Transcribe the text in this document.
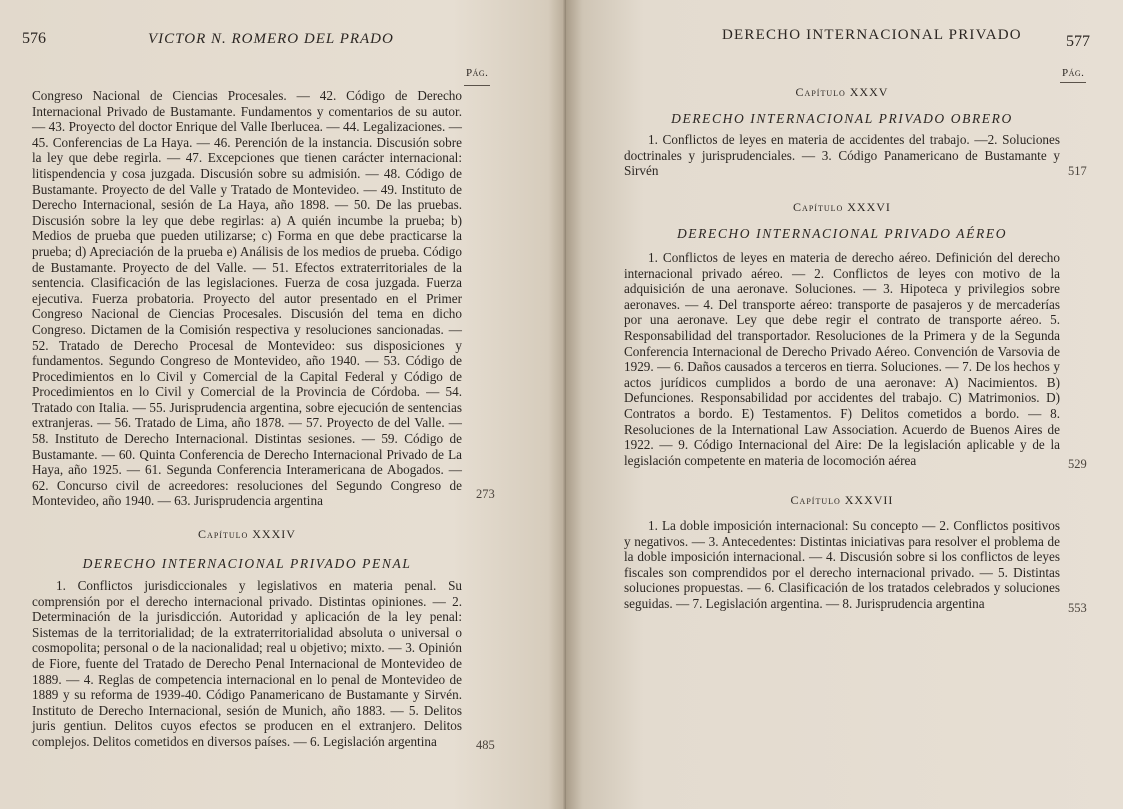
576	VICTOR N. ROMERO DEL PRADO
Pág.

Congreso Nacional de Ciencias Procesales. — 42. Código de Derecho Internacional Privado de Bustamante. Fundamentos y comentarios de su autor. — 43. Proyecto del doctor Enrique del Valle Iberlucea. — 44. Legalizaciones. — 45. Conferencias de La Haya. — 46. Perención de la instancia. Discusión sobre la ley que debe regirla. — 47. Excepciones que tienen carácter internacional: litispendencia y cosa juzgada. Discusión sobre su admisión. — 48. Código de Bustamante. Proyecto de del Valle y Tratado de Montevideo. — 49. Instituto de Derecho Internacional, sesión de La Haya, año 1898. — 50. De las pruebas. Discusión sobre la ley que debe regirlas: a) A quién incumbe la prueba; b) Medios de prueba que pueden utilizarse; c) Forma en que debe practicarse la prueba; d) Apreciación de la prueba e) Análisis de los medios de prueba. Código de Bustamante. Proyecto de del Valle. — 51. Efectos extraterritoriales de la sentencia. Clasificación de las legislaciones. Fuerza de cosa juzgada. Fuerza ejecutiva. Fuerza probatoria. Proyecto del autor presentado en el Primer Congreso Nacional de Ciencias Procesales. Discusión del tema en dicho Congreso. Dictamen de la Comisión respectiva y resoluciones sancionadas. — 52. Tratado de Derecho Procesal de Montevideo: sus disposiciones y fundamentos. Segundo Congreso de Montevideo, año 1940. — 53. Código de Procedimientos en lo Civil y Comercial de la Capital Federal y Código de Procedimientos en lo Civil y Comercial de la Provincia de Córdoba. — 54. Tratado con Italia. — 55. Jurisprudencia argentina, sobre ejecución de sentencias extranjeras. — 56. Tratado de Lima, año 1878. — 57. Proyecto de del Valle. — 58. Instituto de Derecho Internacional. Distintas sesiones. — 59. Código de Bustamante. — 60. Quinta Conferencia de Derecho Internacional Privado de La Haya, año 1925. — 61. Segunda Conferencia Interamericana de Abogados. — 62. Concurso civil de acreedores: resoluciones del Segundo Congreso de Montevideo, año 1940. — 63. Jurisprudencia argentina	273

Capítulo XXXIV

DERECHO INTERNACIONAL PRIVADO PENAL

1. Conflictos jurisdiccionales y legislativos en materia penal. Su comprensión por el derecho internacional privado. Distintas opiniones. — 2. Determinación de la jurisdicción. Autoridad y aplicación de la ley penal: Sistemas de la territorialidad; de la extraterritorialidad absoluta o universal o cosmopolita; personal o de la nacionalidad; real u objetivo; mixto. — 3. Opinión de Fiore, fuente del Tratado de Derecho Penal Internacional de Montevideo de 1889. — 4. Reglas de competencia internacional en lo penal de Montevideo de 1889 y su reforma de 1939-40. Código Panamericano de Bustamante y Sirvén. Instituto de Derecho Internacional, sesión de Munich, año 1883. — 5. Delitos juris gentiun. Delitos cuyos efectos se producen en el extranjero. Delitos complejos. Delitos cometidos en diversos países. — 6. Legislación argentina	485
DERECHO INTERNACIONAL PRIVADO	577
Pág.

Capítulo XXXV

DERECHO INTERNACIONAL PRIVADO OBRERO

1. Conflictos de leyes en materia de accidentes del trabajo. —2. Soluciones doctrinales y jurisprudenciales. — 3. Código Panamericano de Bustamante y Sirvén	517

Capítulo XXXVI

DERECHO INTERNACIONAL PRIVADO AÉREO

1. Conflictos de leyes en materia de derecho aéreo. Definición del derecho internacional privado aéreo. — 2. Conflictos de leyes con motivo de la adquisición de una aeronave. Soluciones. — 3. Hipoteca y privilegios sobre aeronaves. — 4. Del transporte aéreo: transporte de pasajeros y de mercaderías por una aeronave. Ley que debe regir el contrato de transporte aéreo. 5. Responsabilidad del transportador. Resoluciones de la Primera y de la Segunda Conferencia Internacional de Derecho Privado Aéreo. Convención de Varsovia de 1929. — 6. Daños causados a terceros en tierra. Soluciones. — 7. De los hechos y actos jurídicos cumplidos a bordo de una aeronave: A) Nacimientos. B) Defunciones. Responsabilidad por accidentes del trabajo. C) Matrimonios. D) Contratos a bordo. E) Testamentos. F) Delitos cometidos a bordo. — 8. Resoluciones de la International Law Association. Acuerdo de Buenos Aires de 1922. — 9. Código Internacional del Aire: De la legislación aplicable y de la legislación competente en materia de locomoción aérea	529

Capítulo XXXVII

1. La doble imposición internacional: Su concepto — 2. Conflictos positivos y negativos. — 3. Antecedentes: Distintas iniciativas para resolver el problema de la doble imposición internacional. — 4. Discusión sobre si los conflictos de leyes fiscales son comprendidos por el derecho internacional privado. — 5. Distintas soluciones propuestas. — 6. Clasificación de los tratados celebrados y soluciones seguidas. — 7. Legislación argentina. — 8. Jurisprudencia argentina	553
